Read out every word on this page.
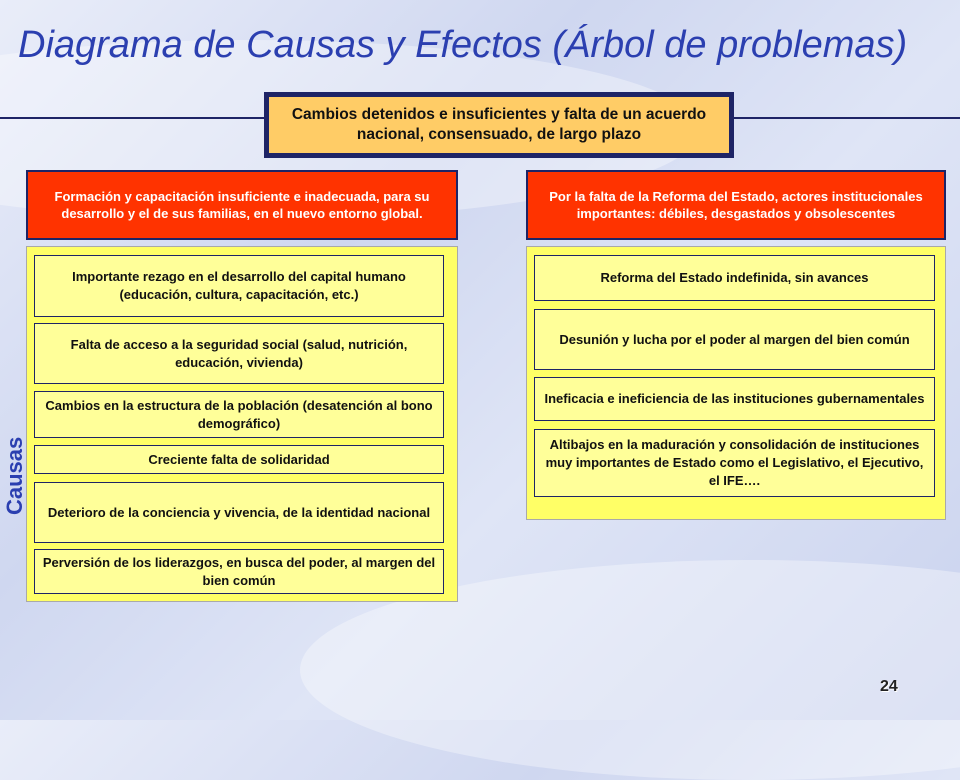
Diagrama de Causas y Efectos (Árbol de problemas)
Cambios detenidos e insuficientes y falta de un acuerdo nacional, consensuado, de largo plazo
Formación y capacitación insuficiente e inadecuada, para su desarrollo y el de sus familias, en el nuevo entorno global.
Por la falta de la Reforma del Estado, actores institucionales importantes: débiles, desgastados y obsolescentes
Importante rezago en el desarrollo del capital humano (educación, cultura, capacitación, etc.)
Falta de acceso a la seguridad social (salud, nutrición, educación, vivienda)
Cambios en la estructura de la población (desatención al bono demográfico)
Creciente falta de solidaridad
Deterioro de la conciencia y vivencia, de la identidad nacional
Perversión de los liderazgos, en busca del poder, al margen del bien común
Reforma del Estado indefinida, sin avances
Desunión y lucha por el poder al margen del bien común
Ineficacia e ineficiencia de las instituciones gubernamentales
Altibajos en la maduración y consolidación de instituciones muy importantes de Estado como el Legislativo, el Ejecutivo, el IFE….
Causas
24
